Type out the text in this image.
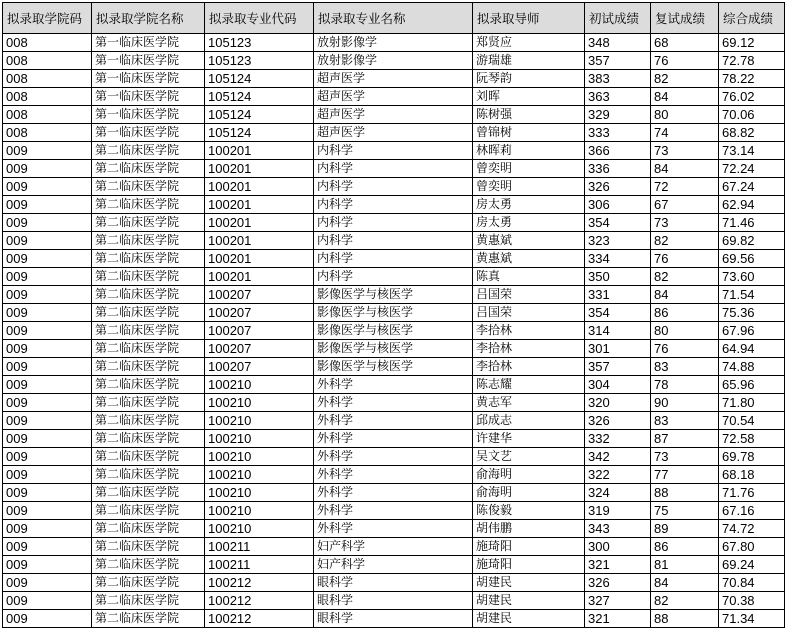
拟录取学院码	拟录取学院名称	拟录取专业代码	拟录取专业名称	拟录取导师	初试成绩	复试成绩	综合成绩
008	第一临床医学院	105123	放射影像学	郑贤应	348	68	69.12
008	第一临床医学院	105123	放射影像学	游瑞雄	357	76	72.78
008	第一临床医学院	105124	超声医学	阮琴韵	383	82	78.22
008	第一临床医学院	105124	超声医学	刘晖	363	84	76.02
008	第一临床医学院	105124	超声医学	陈树强	329	80	70.06
008	第一临床医学院	105124	超声医学	曾锦树	333	74	68.82
009	第二临床医学院	100201	内科学	林晖莉	366	73	73.14
009	第二临床医学院	100201	内科学	曾奕明	336	84	72.24
009	第二临床医学院	100201	内科学	曾奕明	326	72	67.24
009	第二临床医学院	100201	内科学	房太勇	306	67	62.94
009	第二临床医学院	100201	内科学	房太勇	354	73	71.46
009	第二临床医学院	100201	内科学	黄惠斌	323	82	69.82
009	第二临床医学院	100201	内科学	黄惠斌	334	76	69.56
009	第二临床医学院	100201	内科学	陈真	350	82	73.60
009	第二临床医学院	100207	影像医学与核医学	吕国荣	331	84	71.54
009	第二临床医学院	100207	影像医学与核医学	吕国荣	354	86	75.36
009	第二临床医学院	100207	影像医学与核医学	李拾林	314	80	67.96
009	第二临床医学院	100207	影像医学与核医学	李拾林	301	76	64.94
009	第二临床医学院	100207	影像医学与核医学	李拾林	357	83	74.88
009	第二临床医学院	100210	外科学	陈志耀	304	78	65.96
009	第二临床医学院	100210	外科学	黄志军	320	90	71.80
009	第二临床医学院	100210	外科学	邱成志	326	83	70.54
009	第二临床医学院	100210	外科学	许建华	332	87	72.58
009	第二临床医学院	100210	外科学	吴文艺	342	73	69.78
009	第二临床医学院	100210	外科学	俞海明	322	77	68.18
009	第二临床医学院	100210	外科学	俞海明	324	88	71.76
009	第二临床医学院	100210	外科学	陈俊毅	319	75	67.16
009	第二临床医学院	100210	外科学	胡伟鹏	343	89	74.72
009	第二临床医学院	100211	妇产科学	施琦阳	300	86	67.80
009	第二临床医学院	100211	妇产科学	施琦阳	321	81	69.24
009	第二临床医学院	100212	眼科学	胡建民	326	84	70.84
009	第二临床医学院	100212	眼科学	胡建民	327	82	70.38
009	第二临床医学院	100212	眼科学	胡建民	321	88	71.34
